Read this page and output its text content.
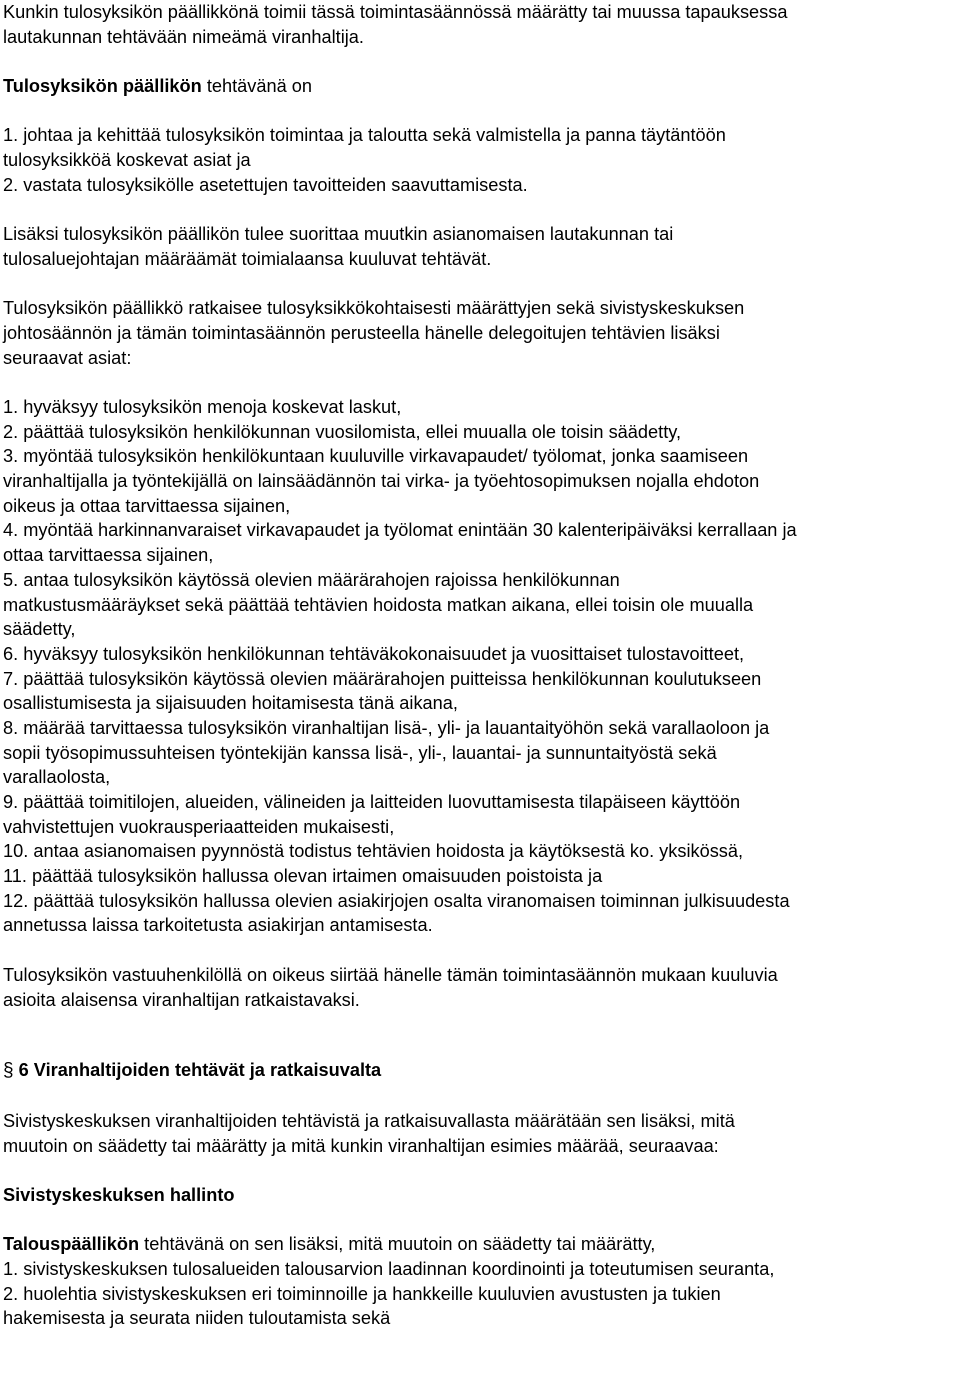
Kunkin tulosyksikön päällikkönä toimii tässä toimintasäännössä määrätty tai muussa tapauksessa
lautakunnan tehtävään nimeämä viranhaltija.
Tulosyksikön päällikön tehtävänä on
1. johtaa ja kehittää tulosyksikön toimintaa ja taloutta sekä valmistella ja panna täytäntöön
tulosyksikköä koskevat asiat ja
2. vastata tulosyksikölle asetettujen tavoitteiden saavuttamisesta.
Lisäksi tulosyksikön päällikön tulee suorittaa muutkin asianomaisen lautakunnan tai
tulosaluejohtajan määräämät toimialaansa kuuluvat tehtävät.
Tulosyksikön päällikkö ratkaisee tulosyksikkökohtaisesti määrättyjen sekä sivistyskeskuksen
johtosäännön ja tämän toimintasäännön perusteella hänelle delegoitujen tehtävien lisäksi
seuraavat asiat:
1. hyväksyy tulosyksikön menoja koskevat laskut,
2. päättää tulosyksikön henkilökunnan vuosilomista, ellei muualla ole toisin säädetty,
3. myöntää tulosyksikön henkilökuntaan kuuluville virkavapaudet/ työlomat, jonka saamiseen
viranhaltijalla ja työntekijällä on lainsäädännön tai virka- ja työehtosopimuksen nojalla ehdoton
oikeus ja ottaa tarvittaessa sijainen,
4. myöntää harkinnanvaraiset virkavapaudet ja työlomat enintään 30 kalenteripäiväksi kerrallaan ja
ottaa tarvittaessa sijainen,
5. antaa tulosyksikön käytössä olevien määrärahojen rajoissa henkilökunnan
matkustusmääräykset sekä päättää tehtävien hoidosta matkan aikana, ellei toisin ole muualla
säädetty,
6. hyväksyy tulosyksikön henkilökunnan tehtäväkokonaisuudet ja vuosittaiset tulostavoitteet,
7. päättää tulosyksikön käytössä olevien määrärahojen puitteissa henkilökunnan koulutukseen
osallistumisesta ja sijaisuuden hoitamisesta tänä aikana,
8. määrää tarvittaessa tulosyksikön viranhaltijan lisä-, yli- ja lauantaityöhön sekä varallaoloon ja
sopii työsopimussuhteisen työntekijän kanssa lisä-, yli-, lauantai- ja sunnuntaityöstä sekä
varallaolosta,
9. päättää toimitilojen, alueiden, välineiden ja laitteiden luovuttamisesta tilapäiseen käyttöön
vahvistettujen vuokrausperiaatteiden mukaisesti,
10. antaa asianomaisen pyynnöstä todistus tehtävien hoidosta ja käytöksestä ko. yksikössä,
11. päättää tulosyksikön hallussa olevan irtaimen omaisuuden poistoista ja
12. päättää tulosyksikön hallussa olevien asiakirjojen osalta viranomaisen toiminnan julkisuudesta
annetussa laissa tarkoitetusta asiakirjan antamisesta.
Tulosyksikön vastuuhenkilöllä on oikeus siirtää hänelle tämän toimintasäännön mukaan kuuluvia
asioita alaisensa viranhaltijan ratkaistavaksi.
§ 6 Viranhaltijoiden tehtävät ja ratkaisuvalta
Sivistyskeskuksen viranhaltijoiden tehtävistä ja ratkaisuvallasta määrätään sen lisäksi, mitä
muutoin on säädetty tai määrätty ja mitä kunkin viranhaltijan esimies määrää, seuraavaa:
Sivistyskeskuksen hallinto
Talouspäällikön tehtävänä on sen lisäksi, mitä muutoin on säädetty tai määrätty,
1. sivistyskeskuksen tulosalueiden talousarvion laadinnan koordinointi ja toteutumisen seuranta,
2. huolehtia sivistyskeskuksen eri toiminnoille ja hankkeille kuuluvien avustusten ja tukien
hakemisesta ja seurata niiden tuloutamista sekä
